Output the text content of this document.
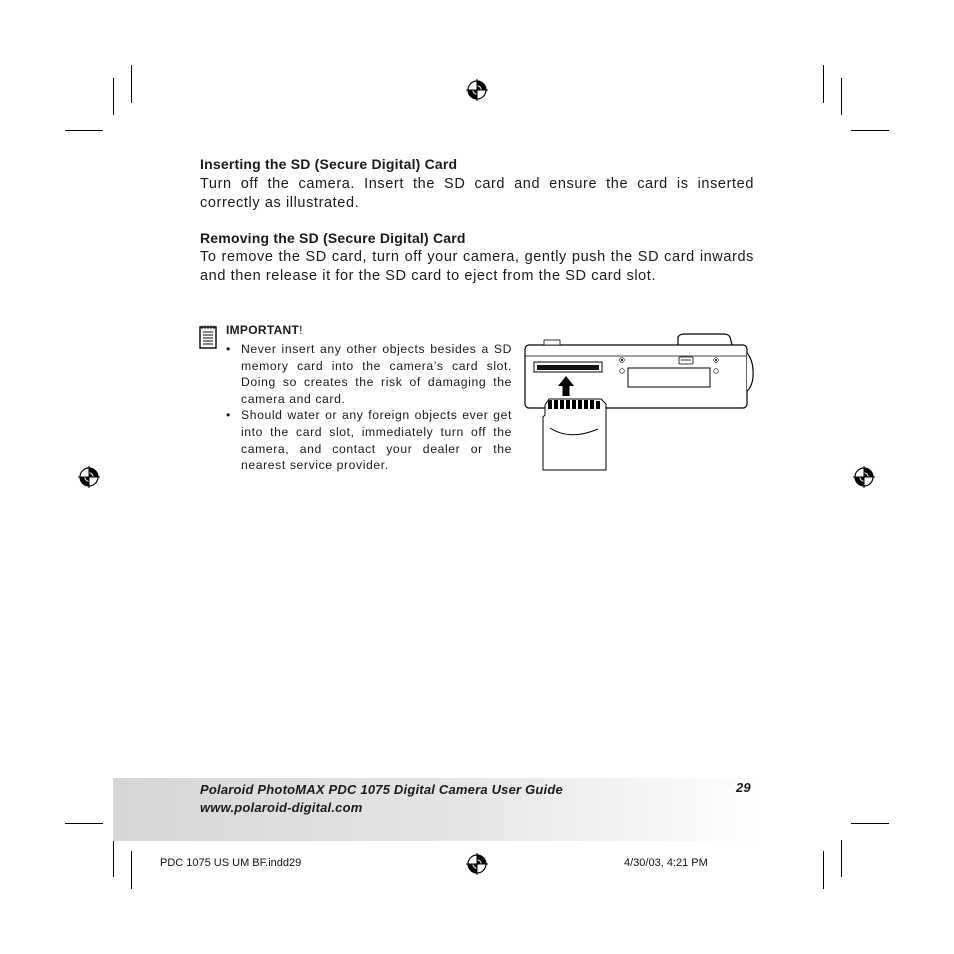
Inserting the SD (Secure Digital) Card
Turn off the camera. Insert the SD card and ensure the card is inserted correctly as illustrated.
Removing the SD (Secure Digital) Card
To remove the SD card, turn off your camera, gently push the SD card inwards and then release it for the SD card to eject from the SD card slot.
IMPORTANT!
• Never insert any other objects besides a SD memory card into the camera’s card slot. Doing so creates the risk of damaging the camera and card.
• Should water or any foreign objects ever get into the card slot, immediately turn off the camera, and contact your dealer or the nearest service provider.
Polaroid PhotoMAX PDC 1075 Digital Camera User Guide
www.polaroid-digital.com
29
PDC 1075 US UM BF.indd29	4/30/03, 4:21 PM
